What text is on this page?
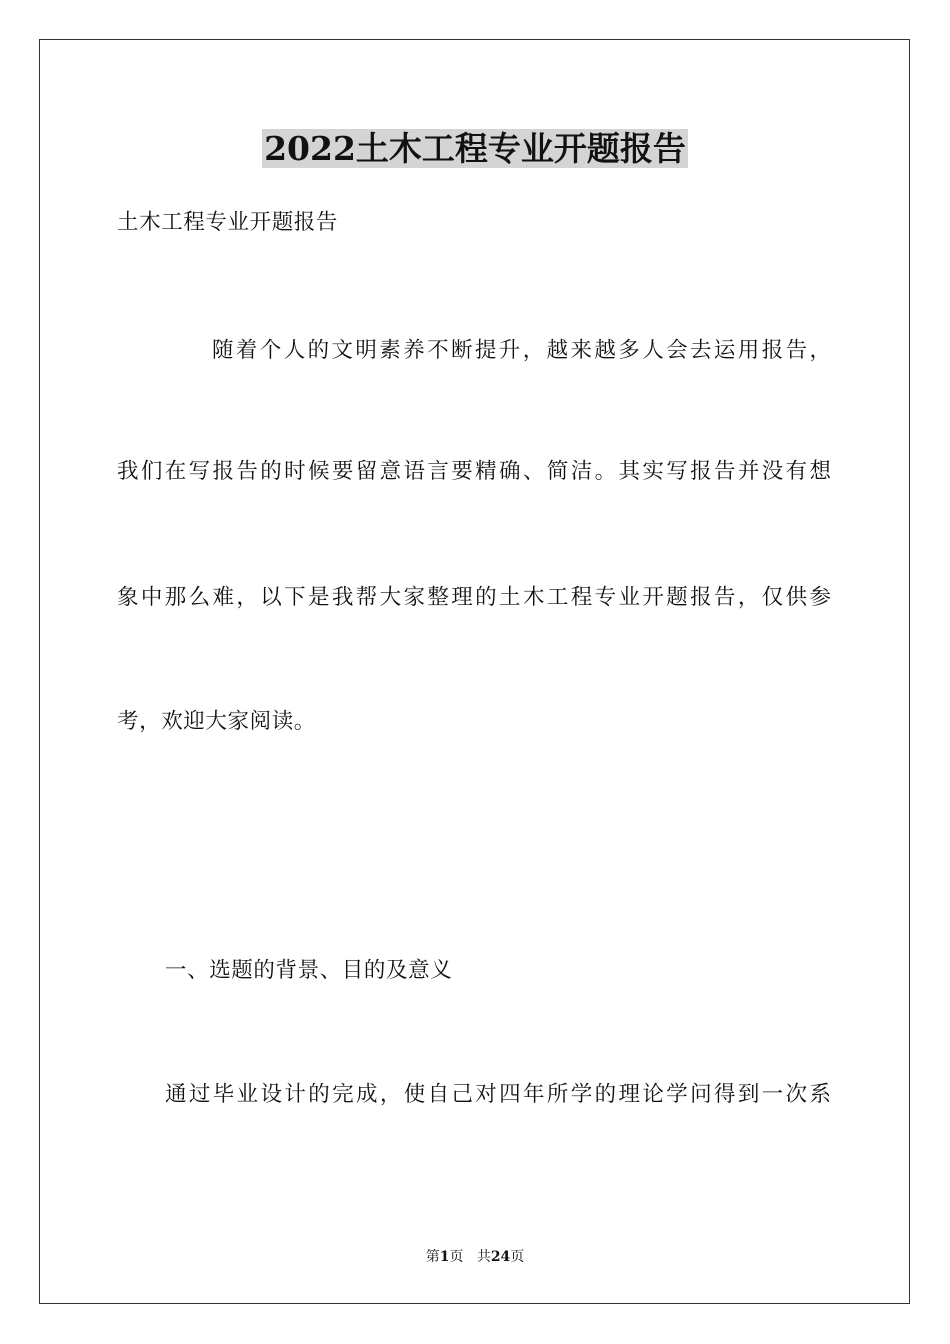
2022土木工程专业开题报告
土木工程专业开题报告
随着个人的文明素养不断提升，越来越多人会去运用报告，
我们在写报告的时候要留意语言要精确、简洁。其实写报告并没有想
象中那么难，以下是我帮大家整理的土木工程专业开题报告，仅供参
考，欢迎大家阅读。
一、选题的背景、目的及意义
通过毕业设计的完成，使自己对四年所学的理论学问得到一次系
第1页 共24页
